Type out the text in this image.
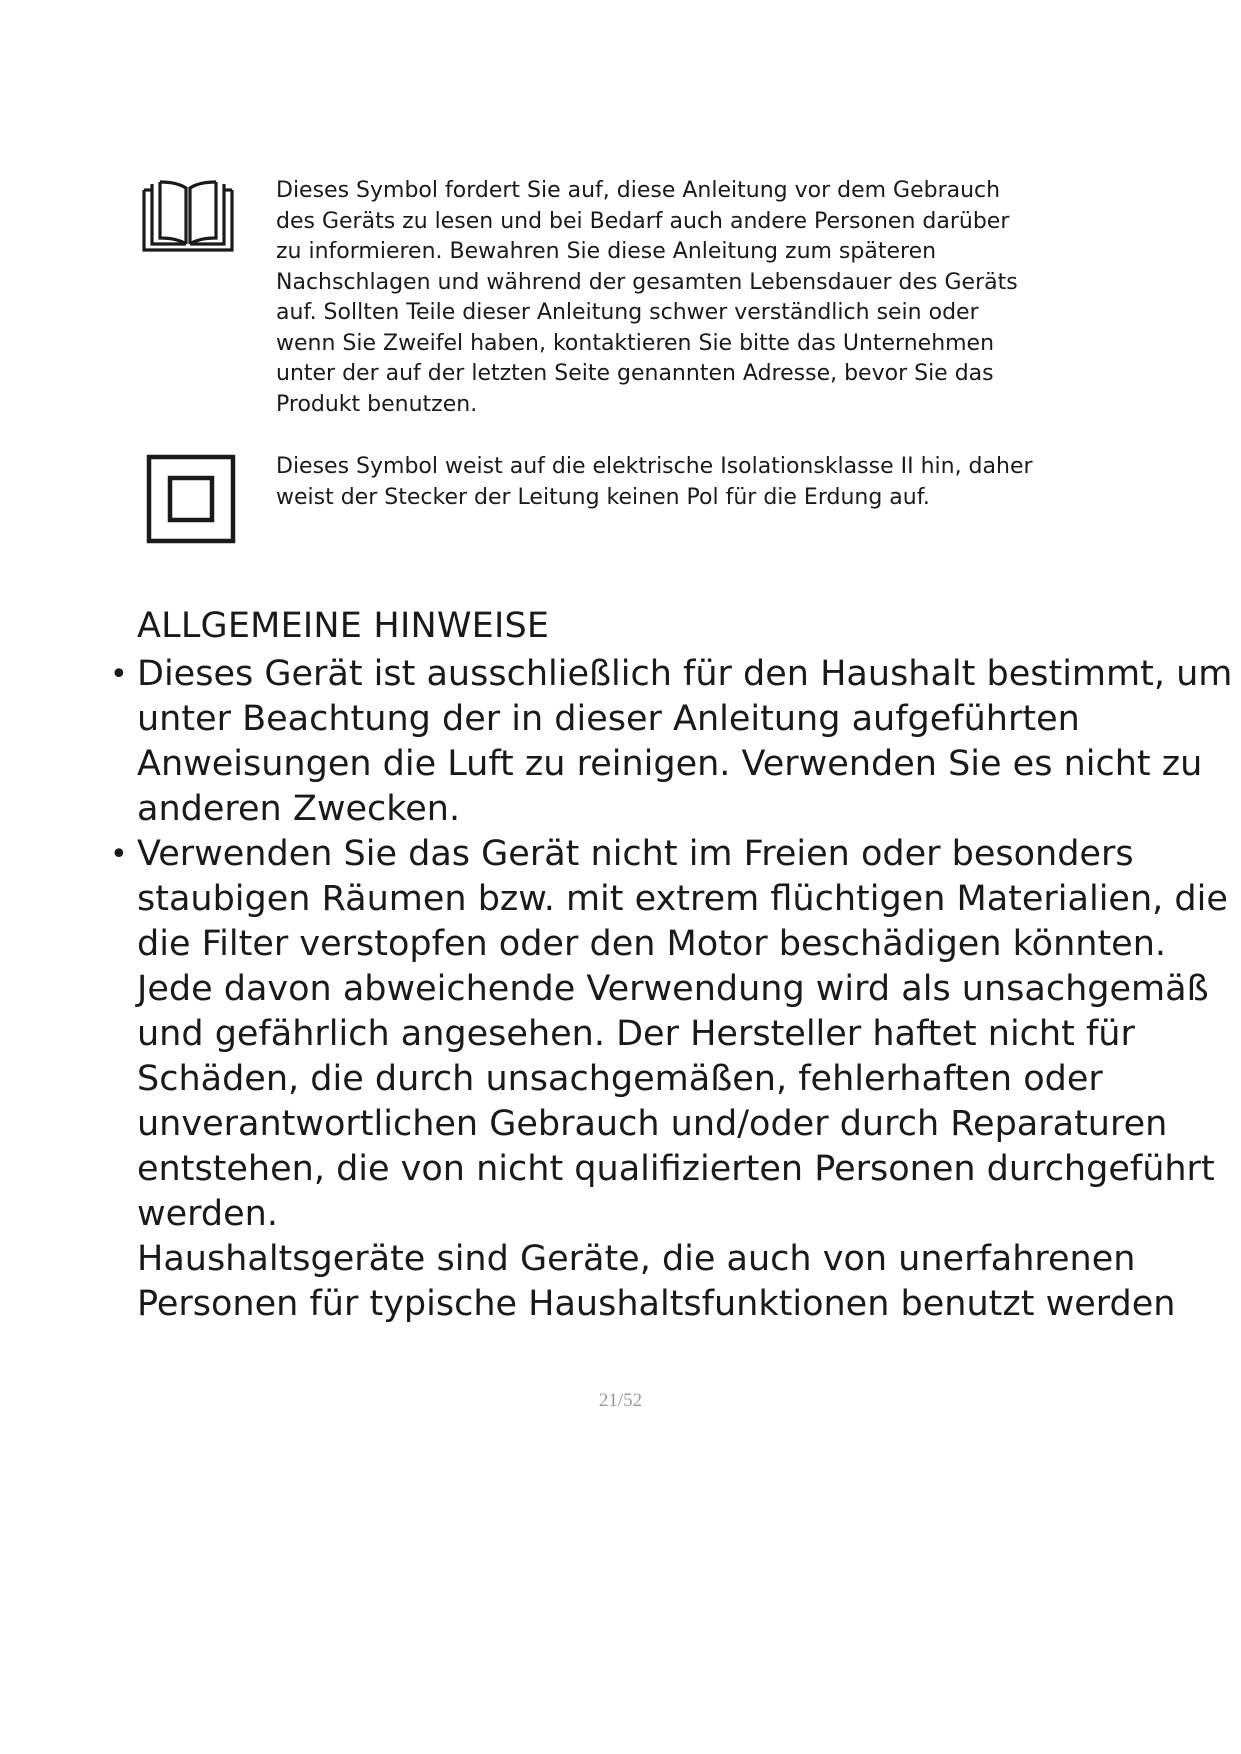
Dieses Symbol fordert Sie auf, diese Anleitung vor dem Gebrauch
des Geräts zu lesen und bei Bedarf auch andere Personen darüber
zu informieren. Bewahren Sie diese Anleitung zum späteren
Nachschlagen und während der gesamten Lebensdauer des Geräts
auf. Sollten Teile dieser Anleitung schwer verständlich sein oder
wenn Sie Zweifel haben, kontaktieren Sie bitte das Unternehmen
unter der auf der letzten Seite genannten Adresse, bevor Sie das
Produkt benutzen.
Dieses Symbol weist auf die elektrische Isolationsklasse II hin, daher
weist der Stecker der Leitung keinen Pol für die Erdung auf.
ALLGEMEINE HINWEISE
• Dieses Gerät ist ausschließlich für den Haushalt bestimmt, um
unter Beachtung der in dieser Anleitung aufgeführten
Anweisungen die Luft zu reinigen. Verwenden Sie es nicht zu
anderen Zwecken.
• Verwenden Sie das Gerät nicht im Freien oder besonders
staubigen Räumen bzw. mit extrem flüchtigen Materialien, die
die Filter verstopfen oder den Motor beschädigen könnten.
Jede davon abweichende Verwendung wird als unsachgemäß
und gefährlich angesehen. Der Hersteller haftet nicht für
Schäden, die durch unsachgemäßen, fehlerhaften oder
unverantwortlichen Gebrauch und/oder durch Reparaturen
entstehen, die von nicht qualifizierten Personen durchgeführt
werden.
Haushaltsgeräte sind Geräte, die auch von unerfahrenen
Personen für typische Haushaltsfunktionen benutzt werden
21/52
